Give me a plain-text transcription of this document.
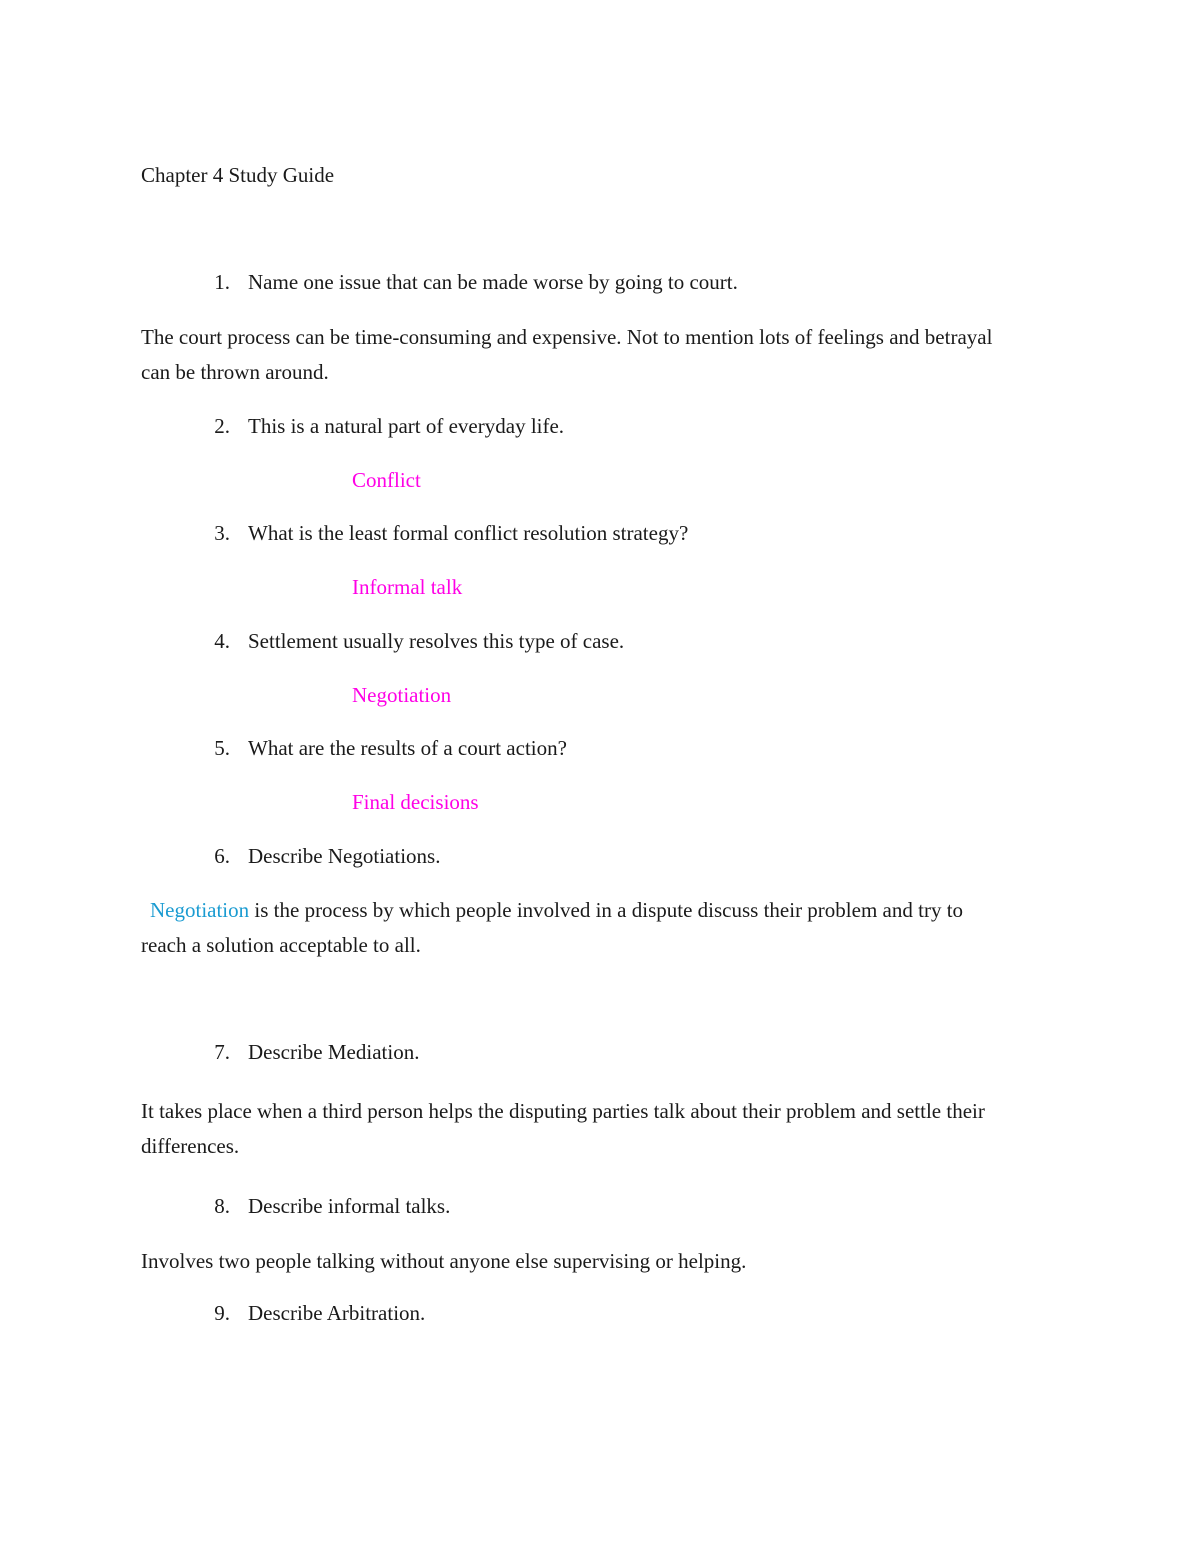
Chapter 4 Study Guide
1. Name one issue that can be made worse by going to court.
The court process can be time-consuming and expensive. Not to mention lots of feelings and betrayal
can be thrown around.
2. This is a natural part of everyday life.
Conflict
3. What is the least formal conflict resolution strategy?
Informal talk
4. Settlement usually resolves this type of case.
Negotiation
5. What are the results of a court action?
Final decisions
6. Describe Negotiations.
Negotiation is the process by which people involved in a dispute discuss their problem and try to
reach a solution acceptable to all.
7. Describe Mediation.
It takes place when a third person helps the disputing parties talk about their problem and settle their
differences.
8. Describe informal talks.
Involves two people talking without anyone else supervising or helping.
9. Describe Arbitration.
